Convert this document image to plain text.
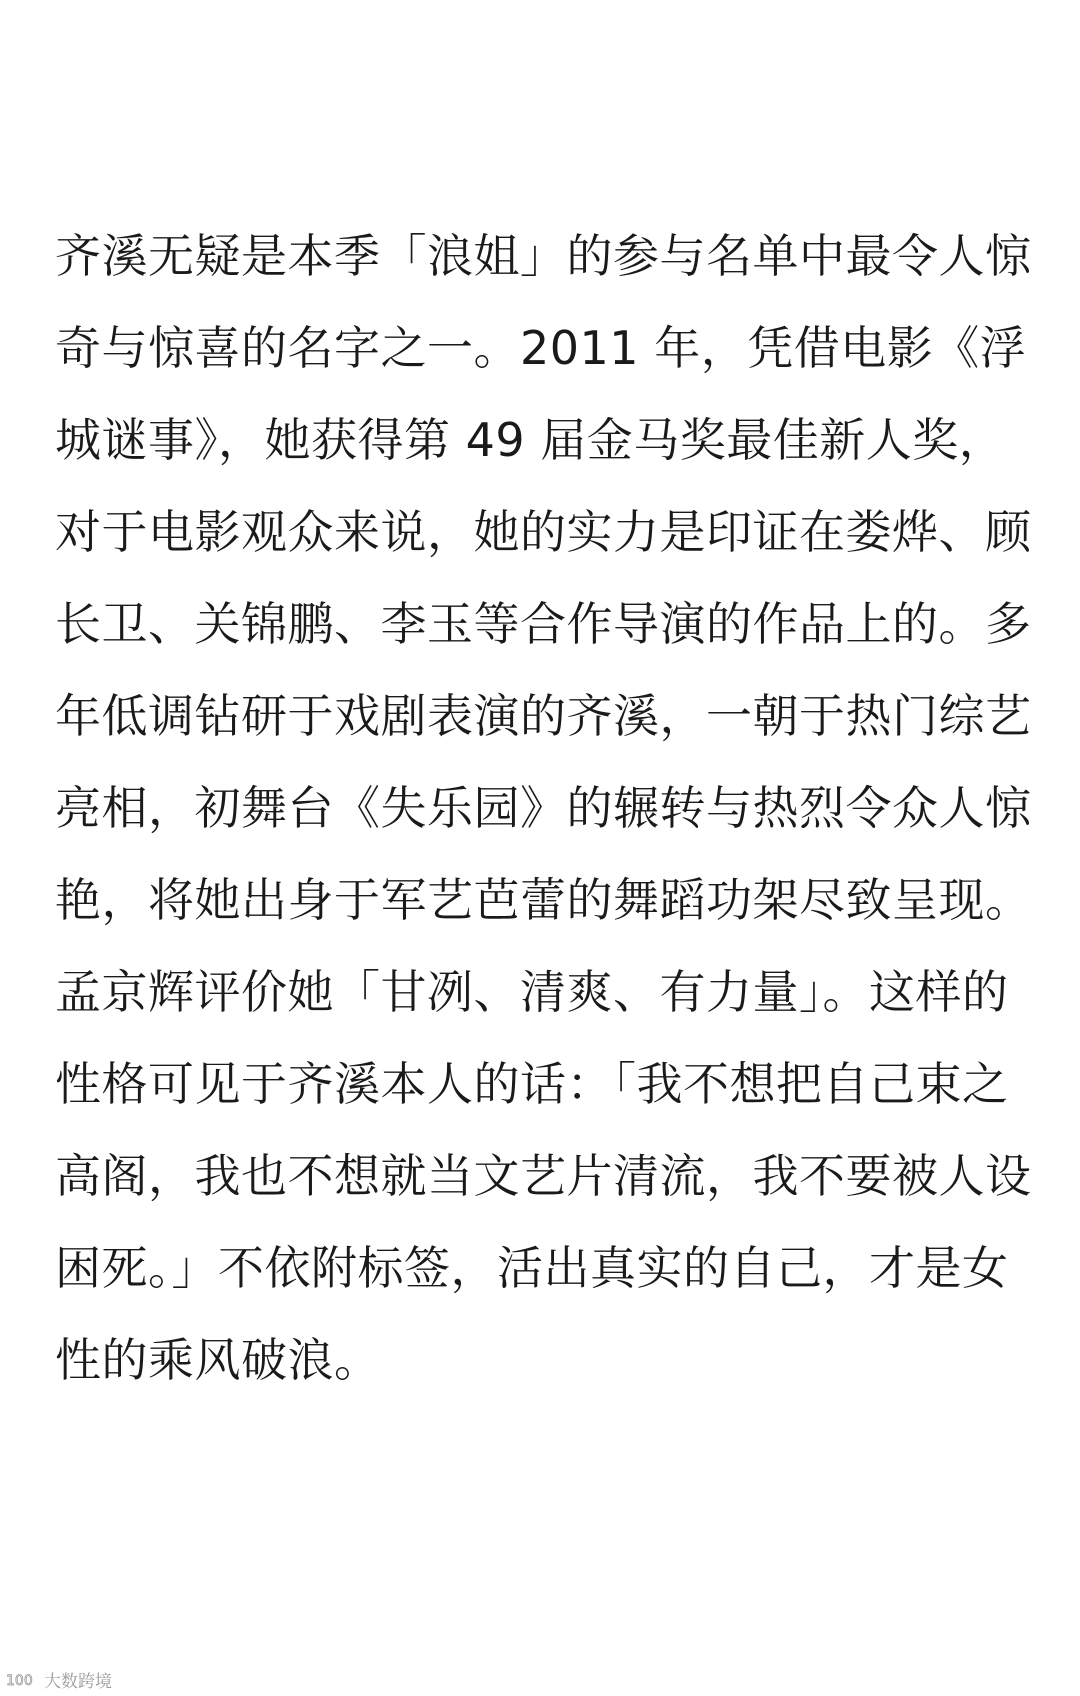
齐溪无疑是本季「浪姐」的参与名单中最令人惊
奇与惊喜的名字之一。2011 年，凭借电影《浮
城谜事》，她获得第 49 届金马奖最佳新人奖，
对于电影观众来说，她的实力是印证在娄烨、顾
长卫、关锦鹏、李玉等合作导演的作品上的。多
年低调钻研于戏剧表演的齐溪，一朝于热门综艺
亮相，初舞台《失乐园》的辗转与热烈令众人惊
艳，将她出身于军艺芭蕾的舞蹈功架尽致呈现。
孟京辉评价她「甘冽、清爽、有力量」。这样的
性格可见于齐溪本人的话：「我不想把自己束之
高阁，我也不想就当文艺片清流，我不要被人设
困死。」不依附标签，活出真实的自己，才是女
性的乘风破浪。
100 大数跨境
